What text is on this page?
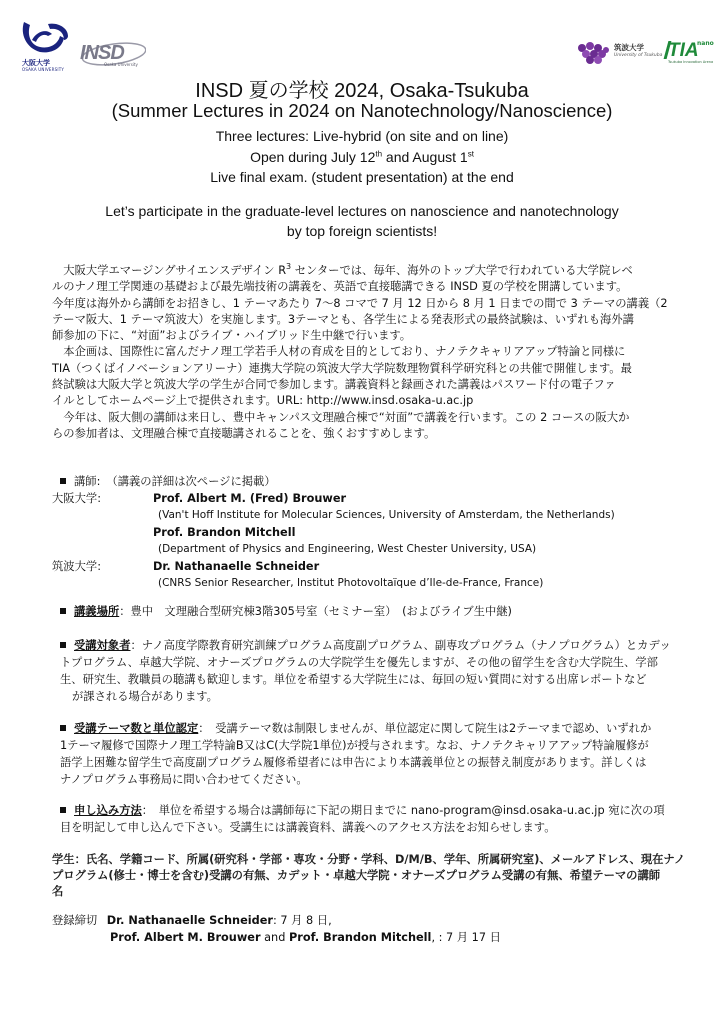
大阪大学
OSAKA UNIVERSITY
INSD
Osaka University
筑波大学
University of Tsukuba TIA
nano
Tsukuba Innovation Arena
INSD 夏の学校 2024, Osaka-Tsukuba
(Summer Lectures in 2024 on Nanotechnology/Nanoscience)
Three lectures: Live-hybrid (on site and on line)
Open during July 12th and August 1st
Live final exam. (student presentation) at the end
Let’s participate in the graduate-level lectures on nanoscience and nanotechnology
by top foreign scientists!
　大阪大学エマージングサイエンスデザイン $R^3$ センターでは、毎年、海外のトップ大学で行われている大学院レベ
ルのナノ理工学関連の基礎および最先端技術の講義を、英語で直接聴講できる INSD 夏の学校を開講しています。
今年度は海外から講師をお招きし、1 テーマあたり 7～8 コマで 7 月 12 日から 8 月 1 日までの間で 3 テーマの講義（2
テーマ阪大、1 テーマ筑波大）を実施します。3テーマとも、各学生による発表形式の最終試験は、いずれも海外講
師参加の下に、“対面”およびライブ・ハイブリッド生中継で行います。
　本企画は、国際性に富んだナノ理工学若手人材の育成を目的としており、ナノテクキャリアアップ特論と同様に
TIA（つくばイノベーションアリーナ）連携大学院の筑波大学大学院数理物質科学研究科との共催で開催します。最
終試験は大阪大学と筑波大学の学生が合同で参加します。講義資料と録画された講義はパスワード付の電子ファ
イルとしてホームページ上で提供されます。URL: http://www.insd.osaka-u.ac.jp
　今年は、阪大側の講師は来日し、豊中キャンパス文理融合棟で“対面”で講義を行います。この 2 コースの阪大か
らの参加者は、文理融合棟で直接聴講されることを、強くおすすめします。
講師: （講義の詳細は次ページに掲載）
大阪大学:	Prof. Albert M. (Fred) Brouwer
(Van't Hoff Institute for Molecular Sciences, University of Amsterdam, the Netherlands)
Prof. Brandon Mitchell
(Department of Physics and Engineering, West Chester University, USA)
筑波大学:	Dr. Nathanaelle Schneider
(CNRS Senior Researcher, Institut Photovoltaïque d’Ile-de-France, France)
講義場所：豊中　文理融合型研究棟3階305号室（セミナー室）　(およびライブ生中継)
受講対象者：ナノ高度学際教育研究訓練プログラム高度副プログラム、副専攻プログラム（ナノプログラム）とカデッ
トプログラム、卓越大学院、オナーズプログラムの大学院学生を優先しますが、その他の留学生を含む大学院生、学部
生、研究生、教職員の聴講も歓迎します。単位を希望する大学院生には、毎回の短い質問に対する出席レポートなど
が課される場合があります。
受講テーマ数と単位認定：　受講テーマ数は制限しませんが、単位認定に関して院生は2テーマまで認め、いずれか
1テーマ履修で国際ナノ理工学特論B又はC(大学院1単位)が授与されます。なお、ナノテクキャリアアップ特論履修が
語学上困難な留学生で高度副プログラム履修希望者には申告により本講義単位との振替え制度があります。詳しくは
ナノプログラム事務局に問い合わせてください。
申し込み方法：　単位を希望する場合は講師毎に下記の期日までに nano-program@insd.osaka-u.ac.jp 宛に次の項
目を明記して申し込んで下さい。受講生には講義資料、講義へのアクセス方法をお知らせします。
学生：氏名、学籍コード、所属(研究科・学部・専攻・分野・学科、D/M/B、学年、所属研究室)、メールアドレス、現在ナノ
プログラム(修士・博士を含む)受講の有無、カデット・卓越大学院・オナーズプログラム受講の有無、希望テーマの講師
名
登録締切 Dr. Nathanaelle Schneider: 7 月 8 日,
Prof. Albert M. Brouwer and Prof. Brandon Mitchell, : 7 月 17 日
